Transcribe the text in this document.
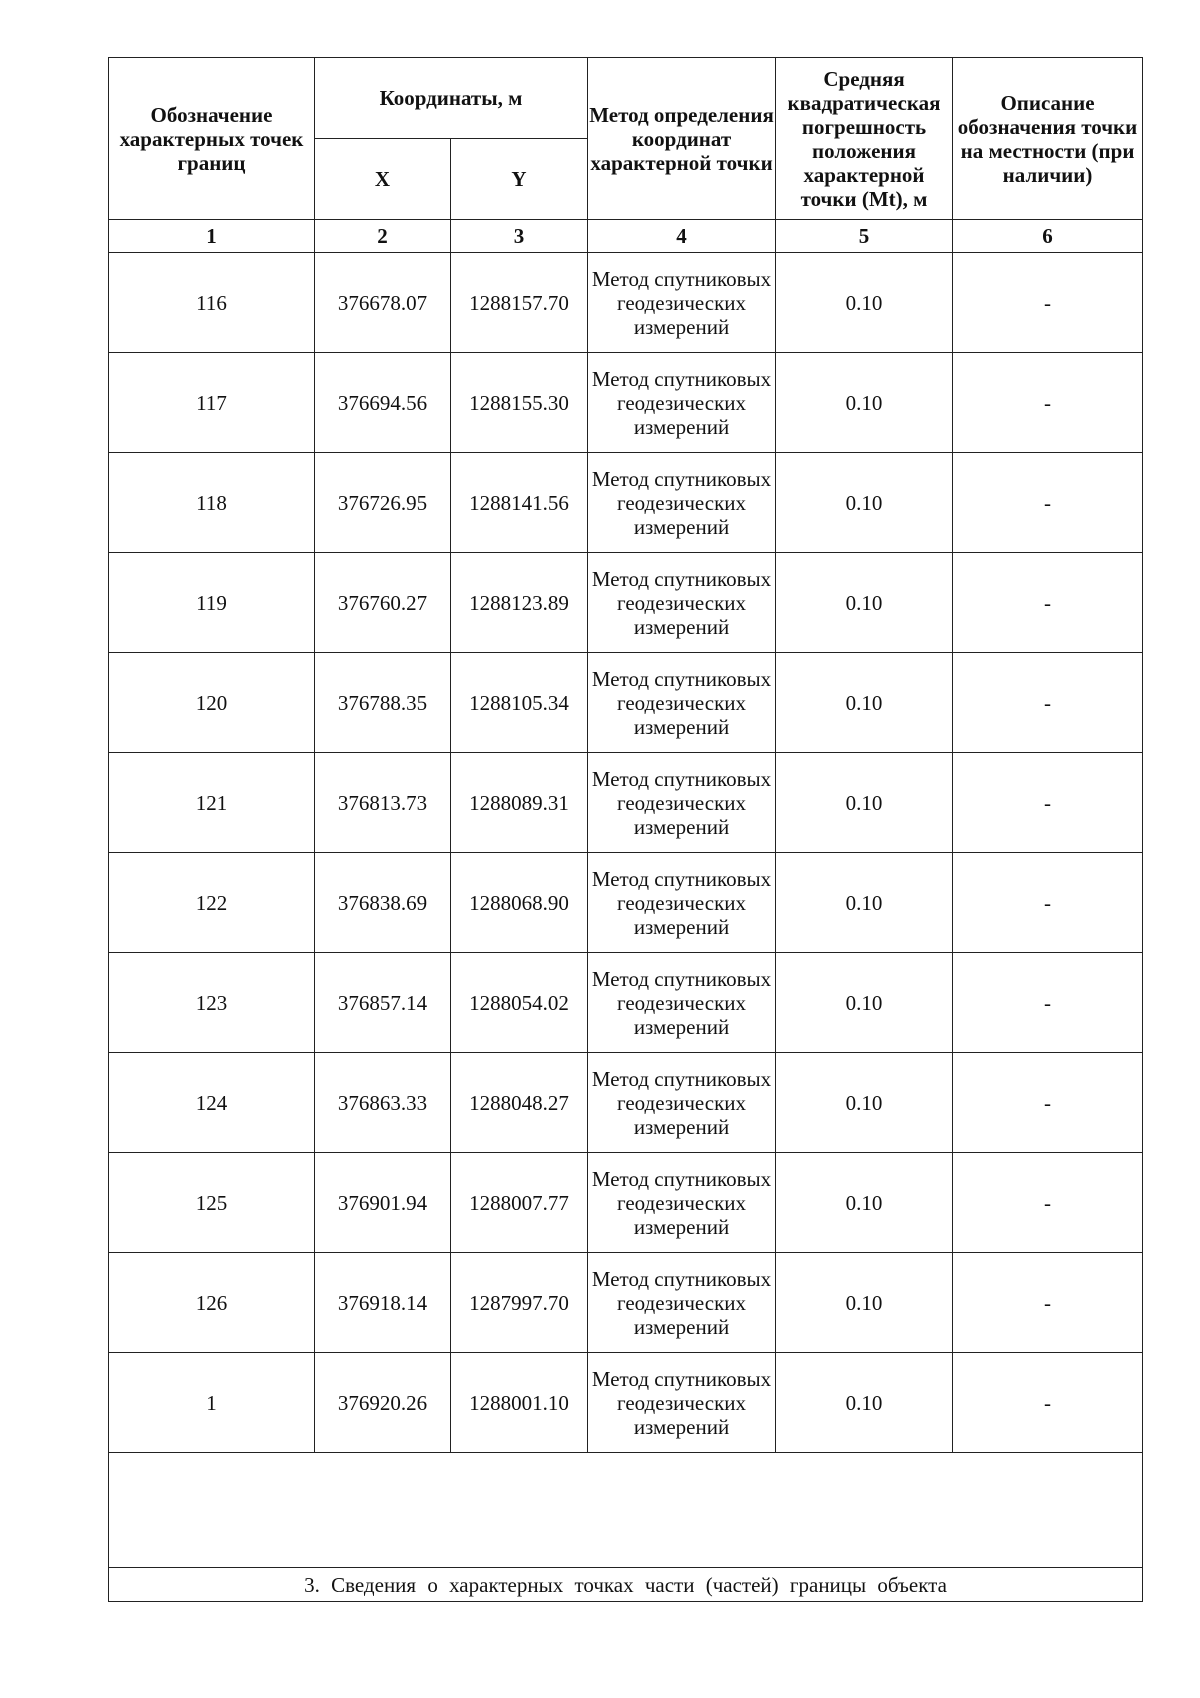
Обозначение характерных точек границ	Координаты, м		Метод определения координат характерной точки	Средняя квадратическая погрешность положения характерной точки (Mt), м	Описание обозначения точки на местности (при наличии)
	X	Y			
1	2	3	4	5	6
116	376678.07	1288157.70	Метод спутниковых геодезических измерений	0.10	-
117	376694.56	1288155.30	Метод спутниковых геодезических измерений	0.10	-
118	376726.95	1288141.56	Метод спутниковых геодезических измерений	0.10	-
119	376760.27	1288123.89	Метод спутниковых геодезических измерений	0.10	-
120	376788.35	1288105.34	Метод спутниковых геодезических измерений	0.10	-
121	376813.73	1288089.31	Метод спутниковых геодезических измерений	0.10	-
122	376838.69	1288068.90	Метод спутниковых геодезических измерений	0.10	-
123	376857.14	1288054.02	Метод спутниковых геодезических измерений	0.10	-
124	376863.33	1288048.27	Метод спутниковых геодезических измерений	0.10	-
125	376901.94	1288007.77	Метод спутниковых геодезических измерений	0.10	-
126	376918.14	1287997.70	Метод спутниковых геодезических измерений	0.10	-
1	376920.26	1288001.10	Метод спутниковых геодезических измерений	0.10	-

3. Сведения о характерных точках части (частей) границы объекта					
